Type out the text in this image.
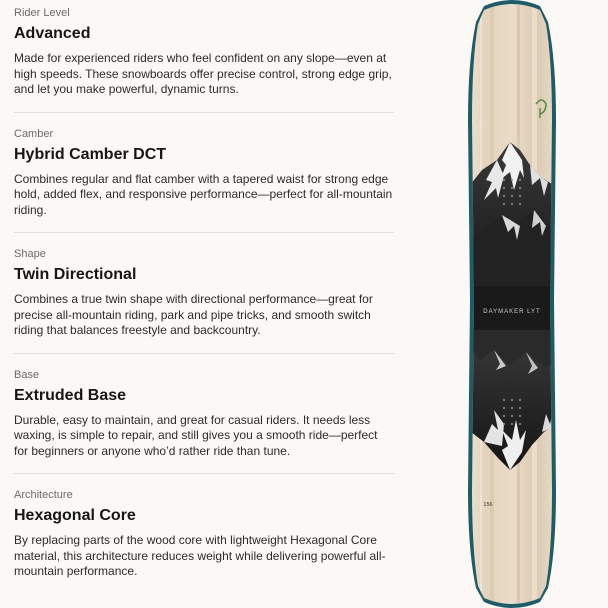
Rider Level
Advanced
Made for experienced riders who feel confident on any slope—even at high speeds. These snowboards offer precise control, strong edge grip, and let you make powerful, dynamic turns.
Camber
Hybrid Camber DCT
Combines regular and flat camber with a tapered waist for strong edge hold, added flex, and responsive performance—perfect for all-mountain riding.
Shape
Twin Directional
Combines a true twin shape with directional performance—great for precise all-mountain riding, park and pipe tricks, and smooth switch riding that balances freestyle and backcountry.
Base
Extruded Base
Durable, easy to maintain, and great for casual riders. It needs less waxing, is simple to repair, and still gives you a smooth ride—perfect for beginners or anyone who’d rather ride than tune.
Architecture
Hexagonal Core
By replacing parts of the wood core with lightweight Hexagonal Core material, this architecture reduces weight while delivering powerful all-mountain performance.
DAYMAKER LYT
156
